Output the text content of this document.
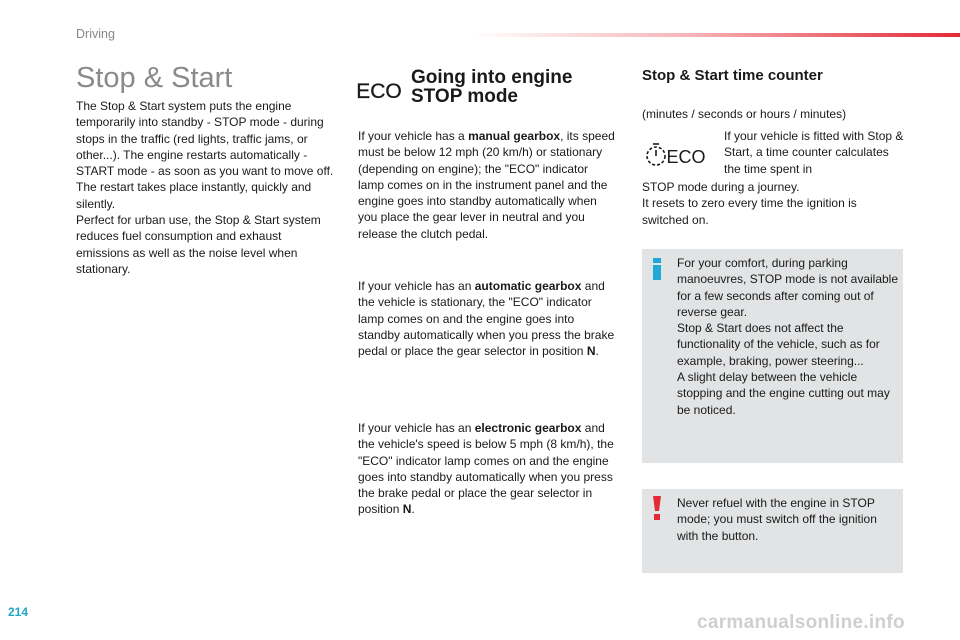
Driving
Stop & Start
The Stop & Start system puts the engine temporarily into standby - STOP mode - during stops in the traffic (red lights, traffic jams, or other...). The engine restarts automatically - START mode - as soon as you want to move off. The restart takes place instantly, quickly and silently.
Perfect for urban use, the Stop & Start system reduces fuel consumption and exhaust emissions as well as the noise level when stationary.
ECO
Going into engine STOP mode
If your vehicle has a manual gearbox, its speed must be below 12 mph (20 km/h) or stationary (depending on engine); the "ECO" indicator lamp comes on in the instrument panel and the engine goes into standby automatically when you place the gear lever in neutral and you release the clutch pedal.
If your vehicle has an automatic gearbox and the vehicle is stationary, the "ECO" indicator lamp comes on and the engine goes into standby automatically when you press the brake pedal or place the gear selector in position N.
If your vehicle has an electronic gearbox and the vehicle's speed is below 5 mph (8 km/h), the "ECO" indicator lamp comes on and the engine goes into standby automatically when you press the brake pedal or place the gear selector in position N.
Stop & Start time counter
(minutes / seconds or hours / minutes)
ECO
If your vehicle is fitted with Stop & Start, a time counter calculates the time spent in
STOP mode during a journey.
It resets to zero every time the ignition is switched on.
For your comfort, during parking manoeuvres, STOP mode is not available for a few seconds after coming out of reverse gear.
Stop & Start does not affect the functionality of the vehicle, such as for example, braking, power steering...
A slight delay between the vehicle stopping and the engine cutting out may be noticed.
Never refuel with the engine in STOP mode; you must switch off the ignition with the button.
214	carmanualsonline.info
